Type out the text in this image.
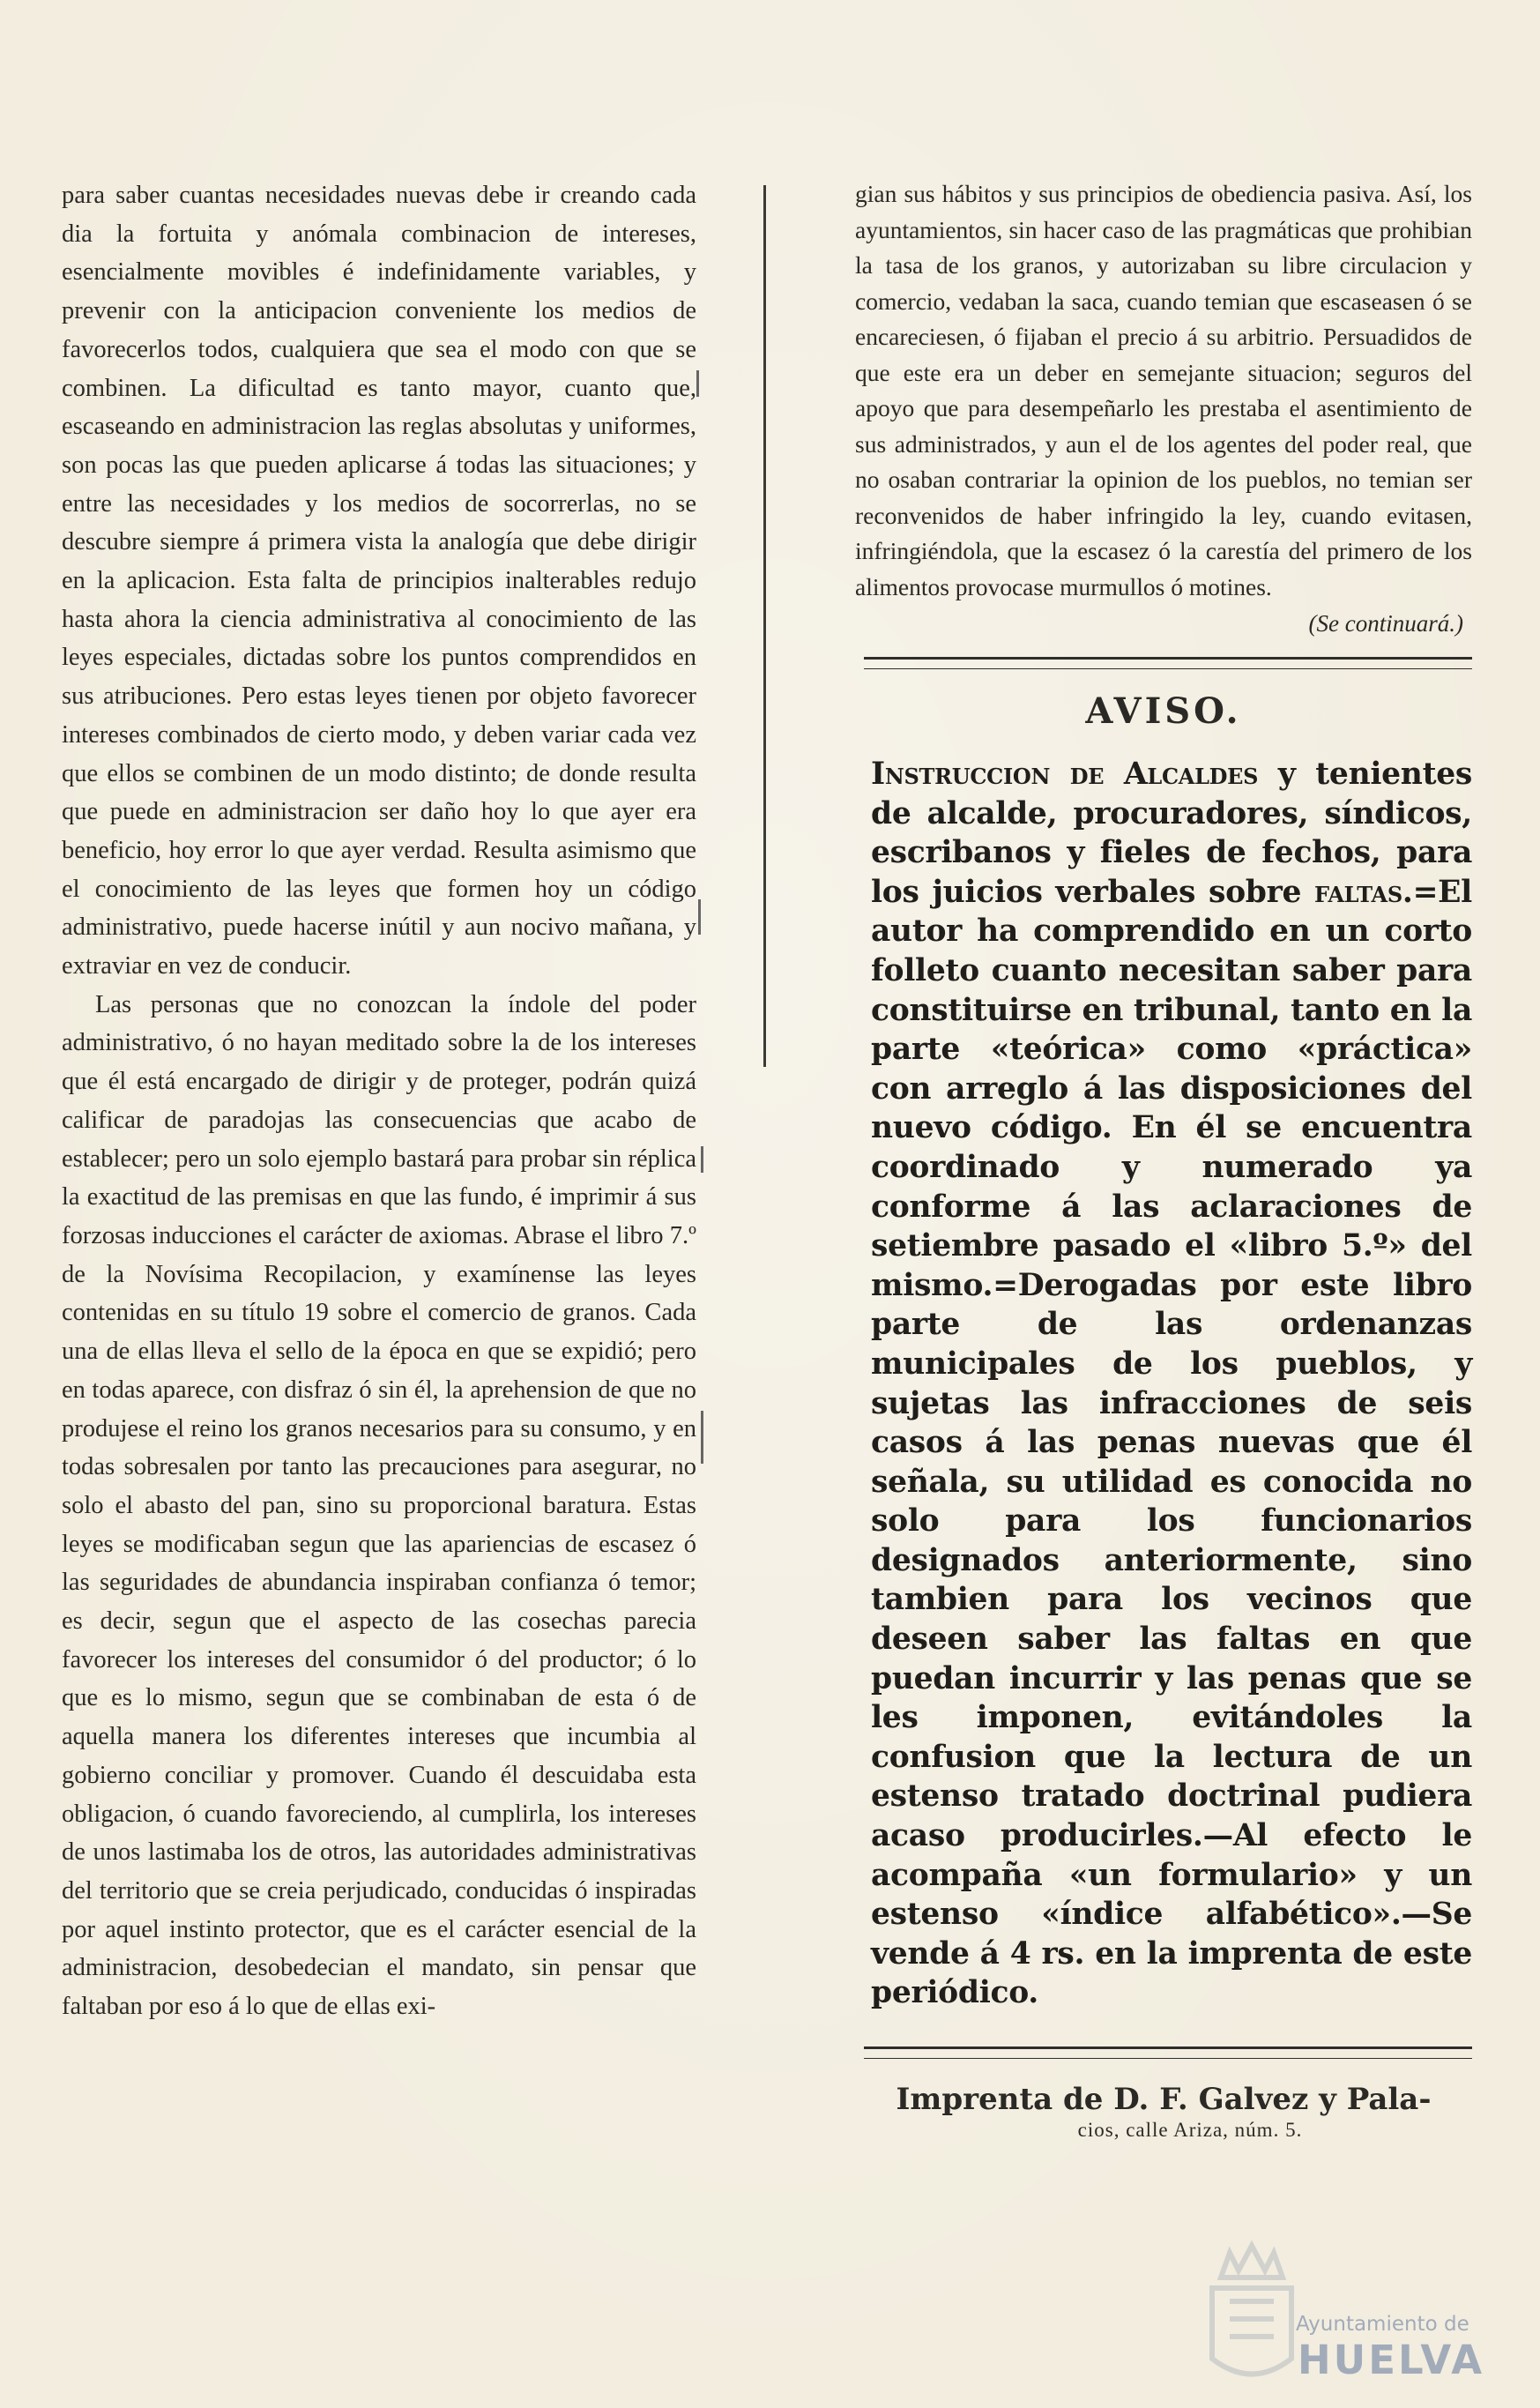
para saber cuantas necesidades nuevas debe ir creando cada dia la fortuita y anómala combinacion de intereses, esencialmente movibles é indefinidamente variables, y prevenir con la anticipacion conveniente los medios de favorecerlos todos, cualquiera que sea el modo con que se combinen. La dificultad es tanto mayor, cuanto que, escaseando en administracion las reglas absolutas y uniformes, son pocas las que pueden aplicarse á todas las situaciones; y entre las necesidades y los medios de socorrerlas, no se descubre siempre á primera vista la analogía que debe dirigir en la aplicacion. Esta falta de principios inalterables redujo hasta ahora la ciencia administrativa al conocimiento de las leyes especiales, dictadas sobre los puntos comprendidos en sus atribuciones. Pero estas leyes tienen por objeto favorecer intereses combinados de cierto modo, y deben variar cada vez que ellos se combinen de un modo distinto; de donde resulta que puede en administracion ser daño hoy lo que ayer era beneficio, hoy error lo que ayer verdad. Resulta asimismo que el conocimiento de las leyes que formen hoy un código administrativo, puede hacerse inútil y aun nocivo mañana, y extraviar en vez de conducir.

Las personas que no conozcan la índole del poder administrativo, ó no hayan meditado sobre la de los intereses que él está encargado de dirigir y de proteger, podrán quizá calificar de paradojas las consecuencias que acabo de establecer; pero un solo ejemplo bastará para probar sin réplica la exactitud de las premisas en que las fundo, é imprimir á sus forzosas inducciones el carácter de axiomas. Abrase el libro 7.º de la Novísima Recopilacion, y examínense las leyes contenidas en su título 19 sobre el comercio de granos. Cada una de ellas lleva el sello de la época en que se expidió; pero en todas aparece, con disfraz ó sin él, la aprehension de que no produjese el reino los granos necesarios para su consumo, y en todas sobresalen por tanto las precauciones para asegurar, no solo el abasto del pan, sino su proporcional baratura. Estas leyes se modificaban segun que las apariencias de escasez ó las seguridades de abundancia inspiraban confianza ó temor; es decir, segun que el aspecto de las cosechas parecia favorecer los intereses del consumidor ó del productor; ó lo que es lo mismo, segun que se combinaban de esta ó de aquella manera los diferentes intereses que incumbia al gobierno conciliar y promover. Cuando él descuidaba esta obligacion, ó cuando favoreciendo, al cumplirla, los intereses de unos lastimaba los de otros, las autoridades administrativas del territorio que se creia perjudicado, conducidas ó inspiradas por aquel instinto protector, que es el carácter esencial de la administracion, desobedecian el mandato, sin pensar que faltaban por eso á lo que de ellas exi-

gian sus hábitos y sus principios de obediencia pasiva. Así, los ayuntamientos, sin hacer caso de las pragmáticas que prohibian la tasa de los granos, y autorizaban su libre circulacion y comercio, vedaban la saca, cuando temian que escaseasen ó se encareciesen, ó fijaban el precio á su arbitrio. Persuadidos de que este era un deber en semejante situacion; seguros del apoyo que para desempeñarlo les prestaba el asentimiento de sus administrados, y aun el de los agentes del poder real, que no osaban contrariar la opinion de los pueblos, no temian ser reconvenidos de haber infringido la ley, cuando evitasen, infringiéndola, que la escasez ó la carestía del primero de los alimentos provocase murmullos ó motines.

(Se continuará.)
AVISO.

Instruccion de Alcaldes y tenientes de alcalde, procuradores, síndicos, escribanos y fieles de fechos, para los juicios verbales sobre faltas.=El autor ha comprendido en un corto folleto cuanto necesitan saber para constituirse en tribunal, tanto en la parte «teórica» como «práctica» con arreglo á las disposiciones del nuevo código. En él se encuentra coordinado y numerado ya conforme á las aclaraciones de setiembre pasado el «libro 5.º» del mismo.=Derogadas por este libro parte de las ordenanzas municipales de los pueblos, y sujetas las infracciones de seis casos á las penas nuevas que él señala, su utilidad es conocida no solo para los funcionarios designados anteriormente, sino tambien para los vecinos que deseen saber las faltas en que puedan incurrir y las penas que se les imponen, evitándoles la confusion que la lectura de un estenso tratado doctrinal pudiera acaso producirles.—Al efecto le acompaña «un formulario» y un estenso «índice alfabético».—Se vende á 4 rs. en la imprenta de este periódico.

Imprenta de D. F. Galvez y Pala-
cios, calle Ariza, núm. 5.
Ayuntamiento de
HUELVA
